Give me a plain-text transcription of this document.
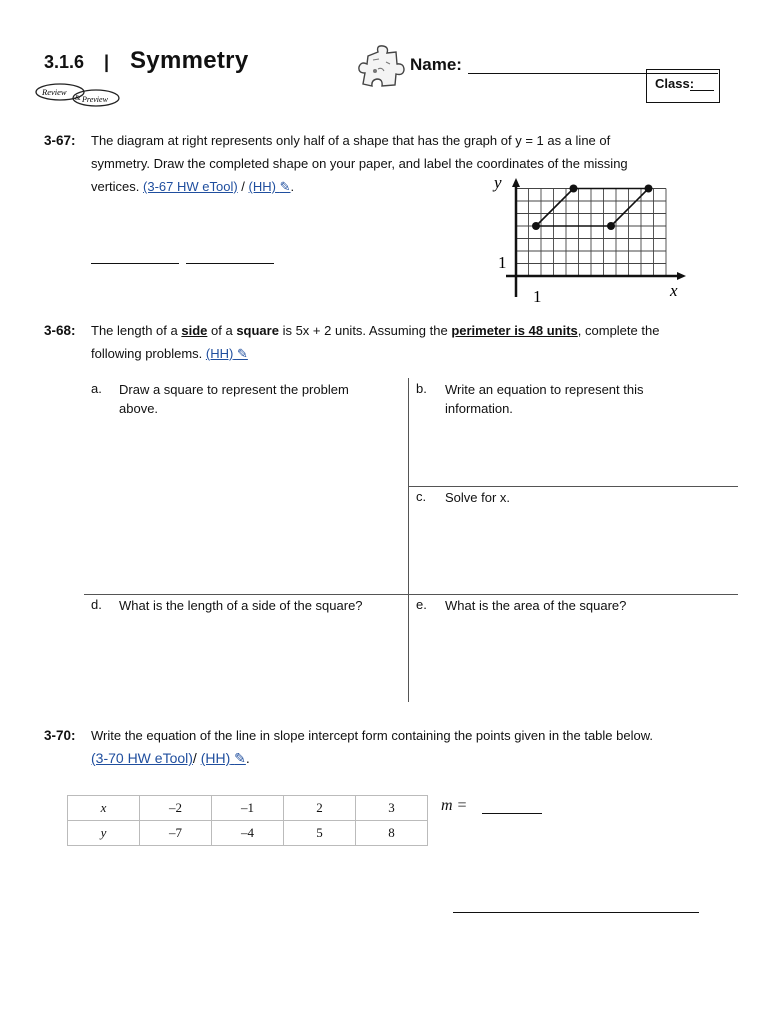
3.1.6 | Symmetry
Review
& Preview
Name:
Class:
3-67: The diagram at right represents only half of a shape that has the graph of y = 1 as a line of
symmetry. Draw the completed shape on your paper, and label the coordinates of the missing
vertices. (3-67 HW eTool) / (HH) ✎.	y
x
1
1
3-68: The length of a side of a square is 5x + 2 units. Assuming the perimeter is 48 units, complete the
following problems. (HH) ✎
a. Draw a square to represent the problem above.
b. Write an equation to represent this information.
c. Solve for x.
d. What is the length of a side of the square?	e. What is the area of the square?
3-70: Write the equation of the line in slope intercept form containing the points given in the table below.
(3-70 HW eTool)/ (HH) ✎.
x	–2	–1	2	3
y	–7	–4	5	8
m =
